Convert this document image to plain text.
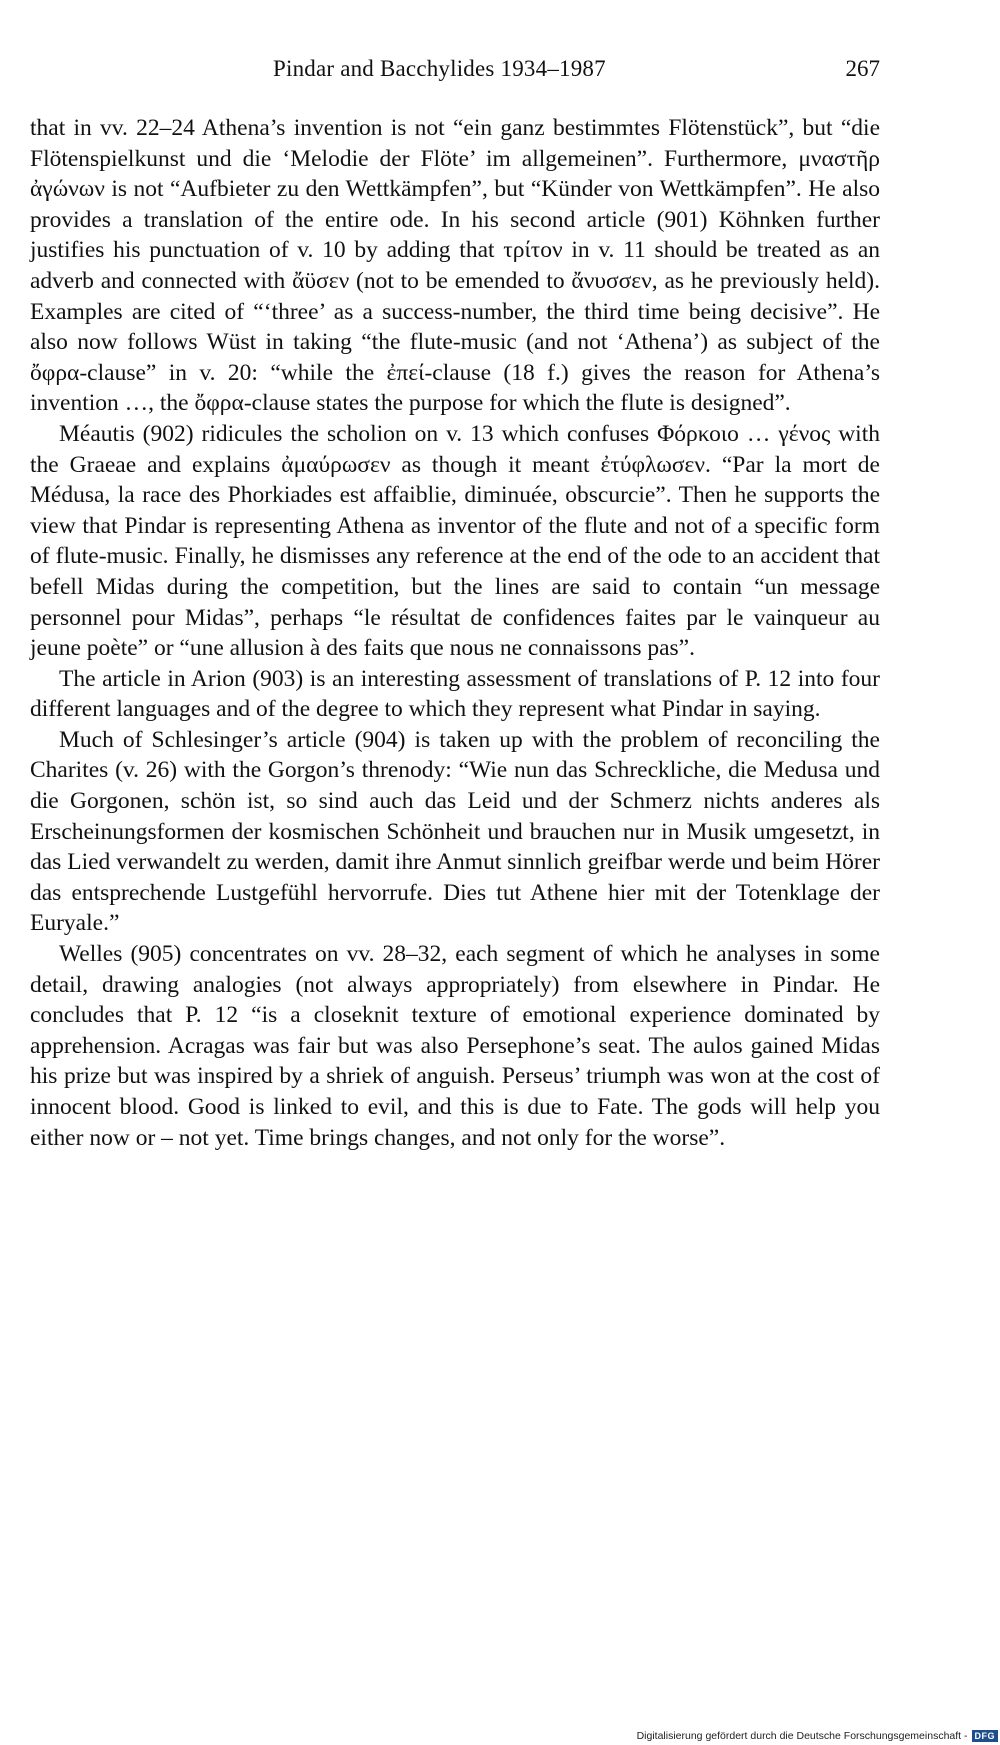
Pindar and Bacchylides 1934–1987	267

that in vv. 22–24 Athena’s invention is not “ein ganz bestimmtes Flötenstück”, but “die Flötenspielkunst und die ‘Melodie der Flöte’ im allgemeinen”. Furthermore, μναστῆρ ἀγώνων is not “Aufbieter zu den Wettkämpfen”, but “Künder von Wettkämpfen”. He also provides a translation of the entire ode. In his second article (901) Köhnken further justifies his punctuation of v. 10 by adding that τρίτον in v. 11 should be treated as an adverb and connected with ἄϋσεν (not to be emended to ἄνυσσεν, as he previously held). Examples are cited of “‘three’ as a success-number, the third time being decisive”. He also now follows Wüst in taking “the flute-music (and not ‘Athena’) as subject of the ὄφρα-clause” in v. 20: “while the ἐπεί-clause (18 f.) gives the reason for Athena’s invention …, the ὄφρα-clause states the purpose for which the flute is designed”.

Méautis (902) ridicules the scholion on v. 13 which confuses Φόρκοιο … γένος with the Graeae and explains ἀμαύρωσεν as though it meant ἐτύφλωσεν. “Par la mort de Médusa, la race des Phorkiades est affaiblie, diminuée, obscurcie”. Then he supports the view that Pindar is representing Athena as inventor of the flute and not of a specific form of flute-music. Finally, he dismisses any reference at the end of the ode to an accident that befell Midas during the competition, but the lines are said to contain “un message personnel pour Midas”, perhaps “le résultat de confidences faites par le vainqueur au jeune poète” or “une allusion à des faits que nous ne connaissons pas”.

The article in Arion (903) is an interesting assessment of translations of P. 12 into four different languages and of the degree to which they represent what Pindar in saying.

Much of Schlesinger’s article (904) is taken up with the problem of reconciling the Charites (v. 26) with the Gorgon’s threnody: “Wie nun das Schreckliche, die Medusa und die Gorgonen, schön ist, so sind auch das Leid und der Schmerz nichts anderes als Erscheinungsformen der kosmischen Schönheit und brauchen nur in Musik umgesetzt, in das Lied verwandelt zu werden, damit ihre Anmut sinnlich greifbar werde und beim Hörer das entsprechende Lustgefühl hervorrufe. Dies tut Athene hier mit der Totenklage der Euryale.”

Welles (905) concentrates on vv. 28–32, each segment of which he analyses in some detail, drawing analogies (not always appropriately) from elsewhere in Pindar. He concludes that P. 12 “is a closeknit texture of emotional experience dominated by apprehension. Acragas was fair but was also Persephone’s seat. The aulos gained Midas his prize but was inspired by a shriek of anguish. Perseus’ triumph was won at the cost of innocent blood. Good is linked to evil, and this is due to Fate. The gods will help you either now or – not yet. Time brings changes, and not only for the worse”.

Digitalisierung gefördert durch die Deutsche Forschungsgemeinschaft - DFG
